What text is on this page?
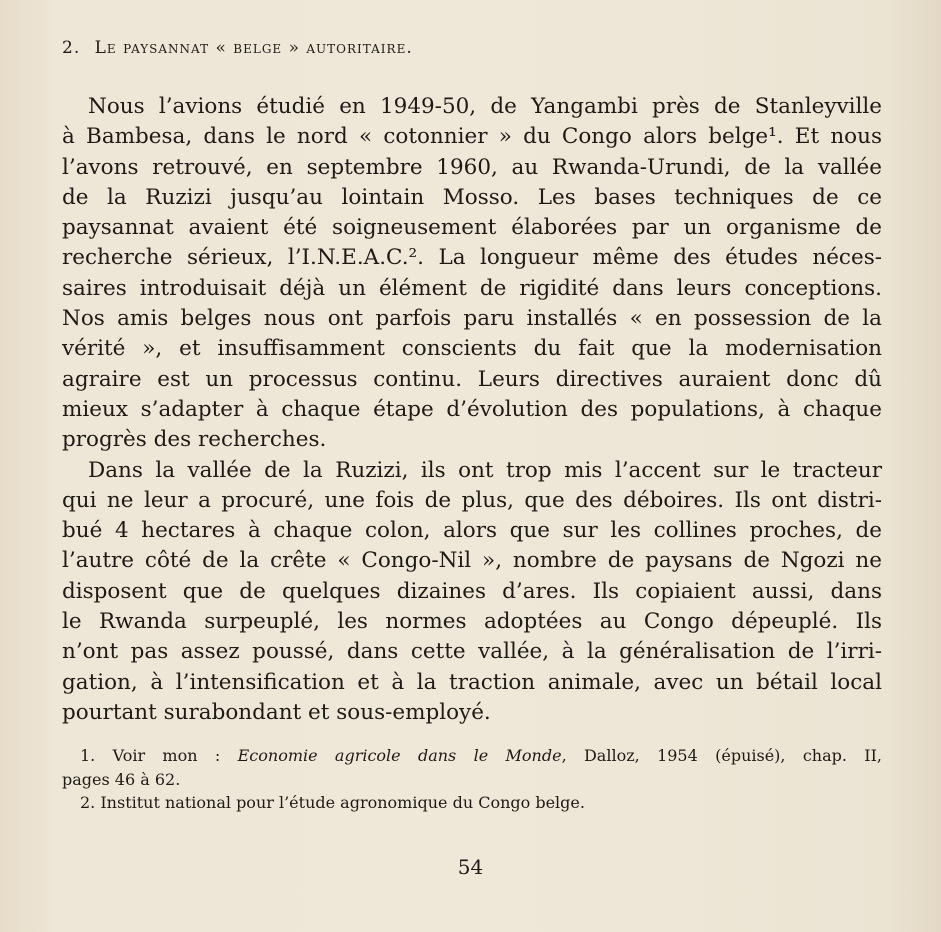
2. Le paysannat « belge » autoritaire.
Nous l’avions étudié en 1949-50, de Yangambi près de Stanleyville
à Bambesa, dans le nord « cotonnier » du Congo alors belge¹. Et nous
l’avons retrouvé, en septembre 1960, au Rwanda-Urundi, de la vallée
de la Ruzizi jusqu’au lointain Mosso. Les bases techniques de ce
paysannat avaient été soigneusement élaborées par un organisme de
recherche sérieux, l’I.N.E.A.C.². La longueur même des études néces-
saires introduisait déjà un élément de rigidité dans leurs conceptions.
Nos amis belges nous ont parfois paru installés « en possession de la
vérité », et insuffisamment conscients du fait que la modernisation
agraire est un processus continu. Leurs directives auraient donc dû
mieux s’adapter à chaque étape d’évolution des populations, à chaque
progrès des recherches.
Dans la vallée de la Ruzizi, ils ont trop mis l’accent sur le tracteur
qui ne leur a procuré, une fois de plus, que des déboires. Ils ont distri-
bué 4 hectares à chaque colon, alors que sur les collines proches, de
l’autre côté de la crête « Congo-Nil », nombre de paysans de Ngozi ne
disposent que de quelques dizaines d’ares. Ils copiaient aussi, dans
le Rwanda surpeuplé, les normes adoptées au Congo dépeuplé. Ils
n’ont pas assez poussé, dans cette vallée, à la généralisation de l’irri-
gation, à l’intensification et à la traction animale, avec un bétail local
pourtant surabondant et sous-employé.
1. Voir mon : Economie agricole dans le Monde, Dalloz, 1954 (épuisé), chap. II,
pages 46 à 62.
2. Institut national pour l’étude agronomique du Congo belge.
54
